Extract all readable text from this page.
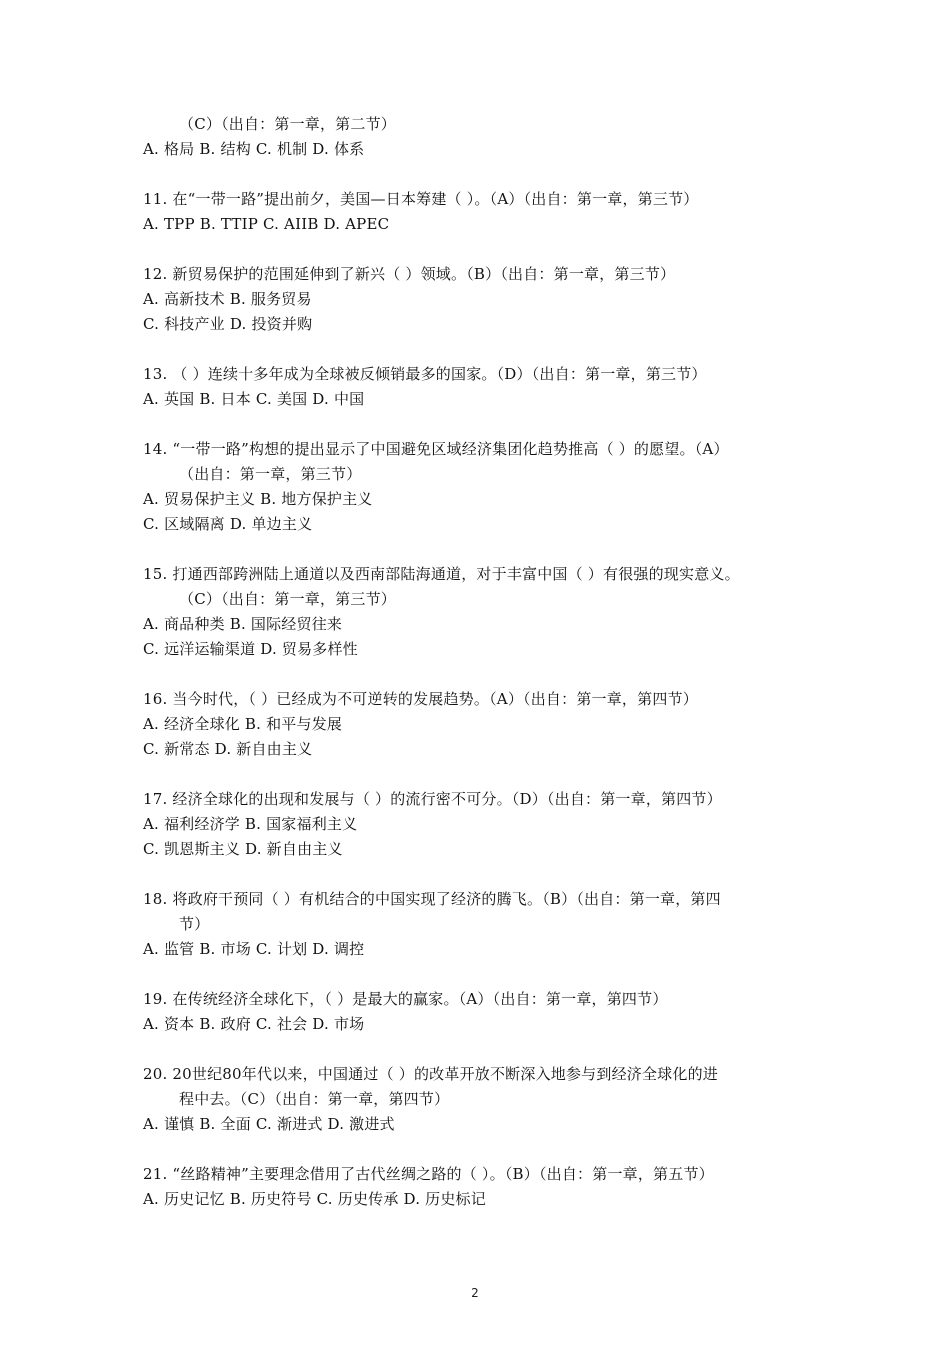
（C）（出自：第一章，第二节）
A. 格局 B. 结构 C. 机制 D. 体系
11. 在“一带一路”提出前夕，美国—日本筹建（ ）。（A）（出自：第一章，第三节）
A. TPP B. TTIP C. AIIB D. APEC
12. 新贸易保护的范围延伸到了新兴（ ）领域。（B）（出自：第一章，第三节）
A. 高新技术 B. 服务贸易
C. 科技产业 D. 投资并购
13. （ ）连续十多年成为全球被反倾销最多的国家。（D）（出自：第一章，第三节）
A. 英国 B. 日本 C. 美国 D. 中国
14. “一带一路”构想的提出显示了中国避免区域经济集团化趋势推高（ ）的愿望。（A）
（出自：第一章，第三节）
A. 贸易保护主义 B. 地方保护主义
C. 区域隔离 D. 单边主义
15. 打通西部跨洲陆上通道以及西南部陆海通道，对于丰富中国（ ）有很强的现实意义。
（C）（出自：第一章，第三节）
A. 商品种类 B. 国际经贸往来
C. 远洋运输渠道 D. 贸易多样性
16. 当今时代，（ ）已经成为不可逆转的发展趋势。（A）（出自：第一章，第四节）
A. 经济全球化 B. 和平与发展
C. 新常态 D. 新自由主义
17. 经济全球化的出现和发展与（ ）的流行密不可分。（D）（出自：第一章，第四节）
A. 福利经济学 B. 国家福利主义
C. 凯恩斯主义 D. 新自由主义
18. 将政府干预同（ ）有机结合的中国实现了经济的腾飞。（B）（出自：第一章，第四
节）
A. 监管 B. 市场 C. 计划 D. 调控
19. 在传统经济全球化下，（ ）是最大的赢家。（A）（出自：第一章，第四节）
A. 资本 B. 政府 C. 社会 D. 市场
20. 20世纪80年代以来，中国通过（ ）的改革开放不断深入地参与到经济全球化的进
程中去。（C）（出自：第一章，第四节）
A. 谨慎 B. 全面 C. 渐进式 D. 激进式
21. “丝路精神”主要理念借用了古代丝绸之路的（ ）。（B）（出自：第一章，第五节）
A. 历史记忆 B. 历史符号 C. 历史传承 D. 历史标记
2
